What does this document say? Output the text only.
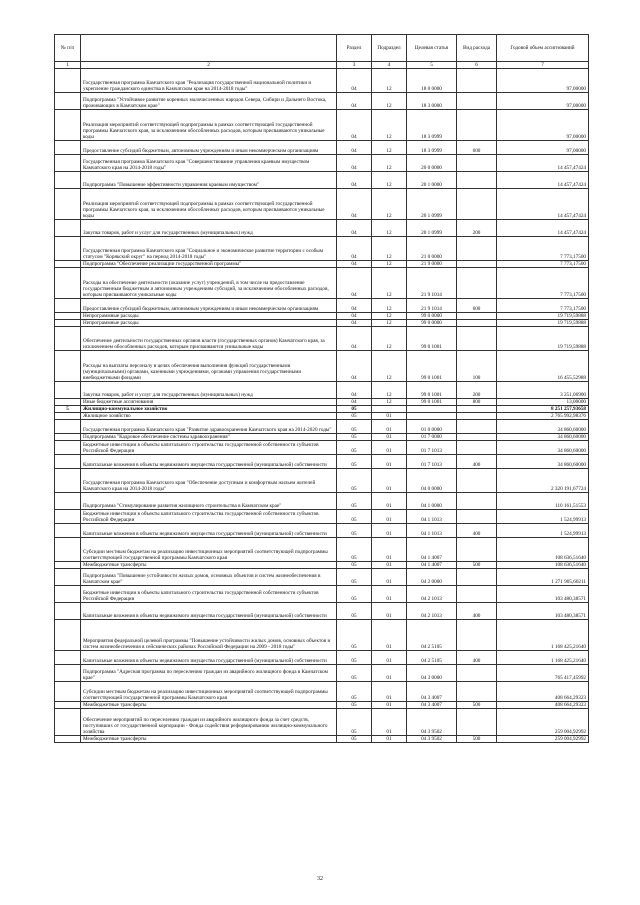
№ п/п		Раздел	Подраздел	Целевая статья	Вид расхода	Годовой объем ассигнований
1	2	3	4	5	6	7
	Государственная программа Камчатского края "Реализация государственной национальной политики и укрепление гражданского единства в Камчатском крае на 2014-2018 годы"	04	12	18 0 0000		97,00000
	Подпрограмма "Устойчивое развитие коренных малочисленных народов Севера, Сибири и Дальнего Востока, проживающих в Камчатском крае"	04	12	18 3 0000		97,00000
	Реализация мероприятий соответствующей подпрограммы в рамках соответствующей государственной программы Камчатского края, за исключением обособленных расходов, которым присваиваются уникальные коды	04	12	18 3 0999		97,00000
	Предоставление субсидий бюджетным, автономным учреждениям и иным некоммерческим организациям	04	12	18 3 0999	600	97,00000
	Государственная программа Камчатского края "Совершенствование управления краевым имуществом Камчатского края на 2014-2018 годы"	04	12	20 0 0000		14 457,47424
	Подпрограмма "Повышение эффективности управления краевым имуществом"	04	12	20 1 0000		14 457,47424
	Реализация мероприятий соответствующей подпрограммы в рамках соответствующей государственной программы Камчатского края, за исключением обособленных расходов, которым присваиваются уникальные коды	04	12	20 1 0999		14 457,47424
	Закупка товаров, работ и услуг для государственных (муниципальных) нужд	04	12	20 1 0999	200	14 457,47424
	Государственная программа Камчатского края "Социальное и экономическое развитие территории с особым статусом "Корякский округ" на период 2014-2018 годы"	04	12	21 0 0000		7 773,17500
	Подпрограмма "Обеспечение реализации государственной программы"	04	12	21 9 0000		7 773,17500
	Расходы на обеспечение деятельности (оказание услуг) учреждений, в том числе на предоставление государственным бюджетным и автономным учреждениям субсидий, за исключением обособленных расходов, которым присваиваются уникальные коды	04	12	21 9 1014		7 773,17500
	Предоставление субсидий бюджетным, автономным учреждениям и иным некоммерческим организациям	04	12	21 9 1014	600	7 773,17500
	Непрограммные расходы	04	12	99 0 0000		19 719,59888
	Непрограммные расходы	04	12	99 0 0000		19 719,59888
	Обеспечение деятельности государственных органов власти (государственных органов) Камчатского края, за исключением обособленных расходов, которым присваиваются уникальные коды	04	12	99 0 1001		19 719,59888
	Расходы на выплаты персоналу в целях обеспечения выполнения функций государственными (муниципальными) органами, казенными учреждениями, органами управления государственными внебюджетными фондами	04	12	99 0 1001	100	16 455,52988
	Закупка товаров, работ и услуг для государственных (муниципальных) нужд	04	12	99 0 1001	200	3 251,06900
	Иные бюджетные ассигнования	04	12	99 0 1001	800	13,00000
5	Жилищно-коммунальное хозяйство	05				8 251 257,93658
	Жилищное хозяйство	05	01			2 765 992,98376
	Государственная программа Камчатского края "Развитие здравоохранения Камчатского края на 2014-2020 годы"	05	01	01 0 0000		34 860,60000
	Подпрограмма "Кадровое обеспечение системы здравоохранения"	05	01	01 7 0000		34 860,60000
	Бюджетные инвестиции в объекты капитального строительства государственной собственности субъектов Российской Федерации	05	01	01 7 1013		34 860,60000
	Капитальные вложения в объекты недвижимого имущества государственной (муниципальной) собственности	05	01	01 7 1013	400	34 860,60000
	Государственная программа Камчатского края "Обеспечение доступным и комфортным жильем жителей Камчатского края на 2014-2018 годы"	05	01	04 0 0000		2 320 191,67724
	Подпрограмма "Стимулирование развития жилищного строительства в Камчатском крае"	05	01	04 1 0000		110 161,51553
	Бюджетные инвестиции в объекты капитального строительства государственной собственности субъектов Российской Федерации	05	01	04 1 1013		1 524,99913
	Капитальные вложения в объекты недвижимого имущества государственной (муниципальной) собственности	05	01	04 1 1013	400	1 524,99913
	Субсидии местным бюджетам на реализацию инвестиционных мероприятий соответствующей подпрограммы соответствующей государственной программы Камчатского края	05	01	04 1 4007		108 636,51640
	Межбюджетные трансферты	05	01	04 1 4007	500	108 636,51640
	Подпрограмма "Повышение устойчивости жилых домов, основных объектов и систем жизнеобеспечения в Камчатском крае"	05	01	04 2 0000		1 271 905,60211
	Бюджетные инвестиции в объекты капитального строительства государственной собственности субъектов Российской Федерации	05	01	04 2 1013		103 480,38571
	Капитальные вложения в объекты недвижимого имущества государственной (муниципальной) собственности	05	01	04 2 1013	400	103 480,38571
	Мероприятия федеральной целевой программы "Повышение устойчивости жилых домов, основных объектов и систем жизнеобеспечения в сейсмических районах Российской Федерации на 2009 - 2018 годы"	05	01	04 2 5105		1 168 425,21640
	Капитальные вложения в объекты недвижимого имущества государственной (муниципальной) собственности	05	01	04 2 5105	400	1 168 425,21640
	Подпрограмма "Адресная программа по переселению граждан из аварийного жилищного фонда в Камчатском крае"	05	01	04 3 0000		765 417,45992
	Субсидии местным бюджетам на реализацию инвестиционных мероприятий соответствующей подпрограммы соответствующей государственной программы Камчатского края	05	01	04 3 4007		408 664,29323
	Межбюджетные трансферты	05	01	04 3 4007	500	408 664,29323
	Обеспечение мероприятий по переселению граждан из аварийного жилищного фонда за счет средств, поступивших от государственной корпорации - Фонда содействия реформированию жилищно-коммунального хозяйства	05	01	04 3 9502		259 004,92992
	Межбюджетные трансферты	05	01	04 3 9502	500	259 004,92992
32
